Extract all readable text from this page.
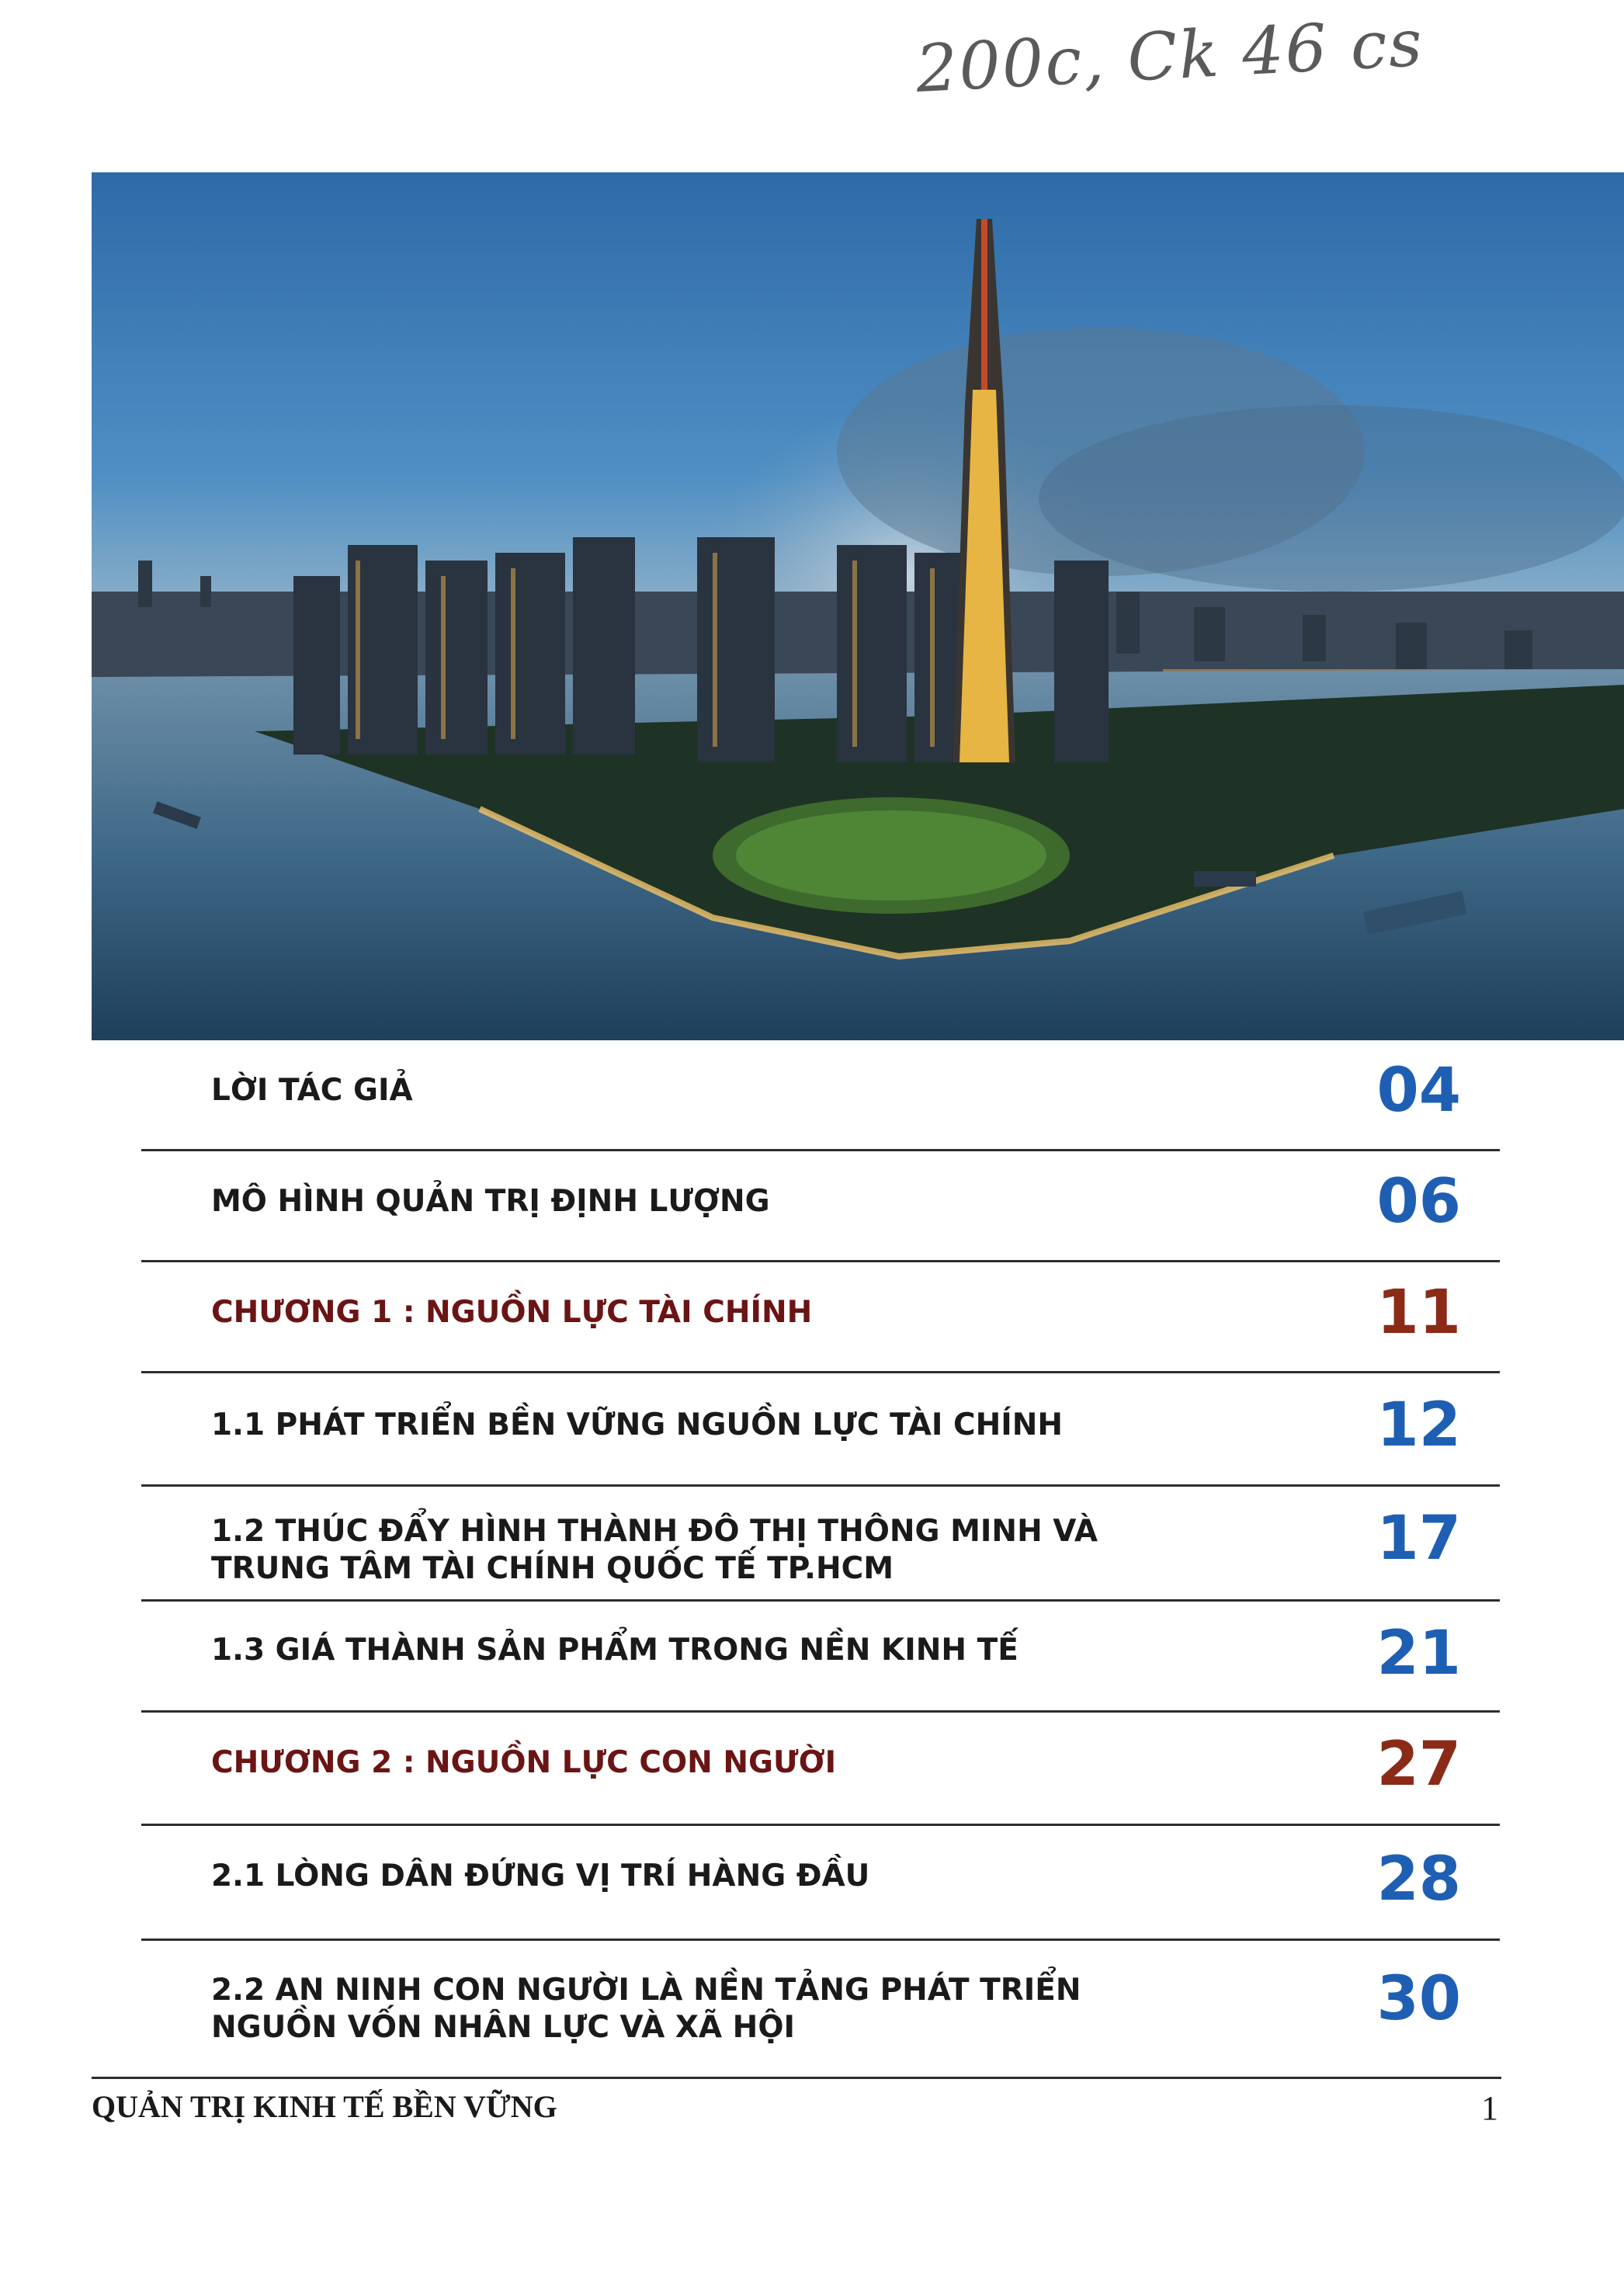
200c, Ck 46 cs
LỜI TÁC GIẢ	04
MÔ HÌNH QUẢN TRỊ ĐỊNH LƯỢNG	06
CHƯƠNG 1 : NGUỒN LỰC TÀI CHÍNH	11
1.1 PHÁT TRIỂN BỀN VỮNG NGUỒN LỰC TÀI CHÍNH	12
1.2 THÚC ĐẨY HÌNH THÀNH ĐÔ THỊ THÔNG MINH VÀ TRUNG TÂM TÀI CHÍNH QUỐC TẾ TP.HCM	17
1.3 GIÁ THÀNH SẢN PHẨM TRONG NỀN KINH TẾ	21
CHƯƠNG 2 : NGUỒN LỰC CON NGƯỜI	27
2.1 LÒNG DÂN ĐỨNG VỊ TRÍ HÀNG ĐẦU	28
2.2 AN NINH CON NGƯỜI LÀ NỀN TẢNG PHÁT TRIỂN NGUỒN VỐN NHÂN LỰC VÀ XÃ HỘI	30
QUẢN TRỊ KINH TẾ BỀN VỮNG	1
